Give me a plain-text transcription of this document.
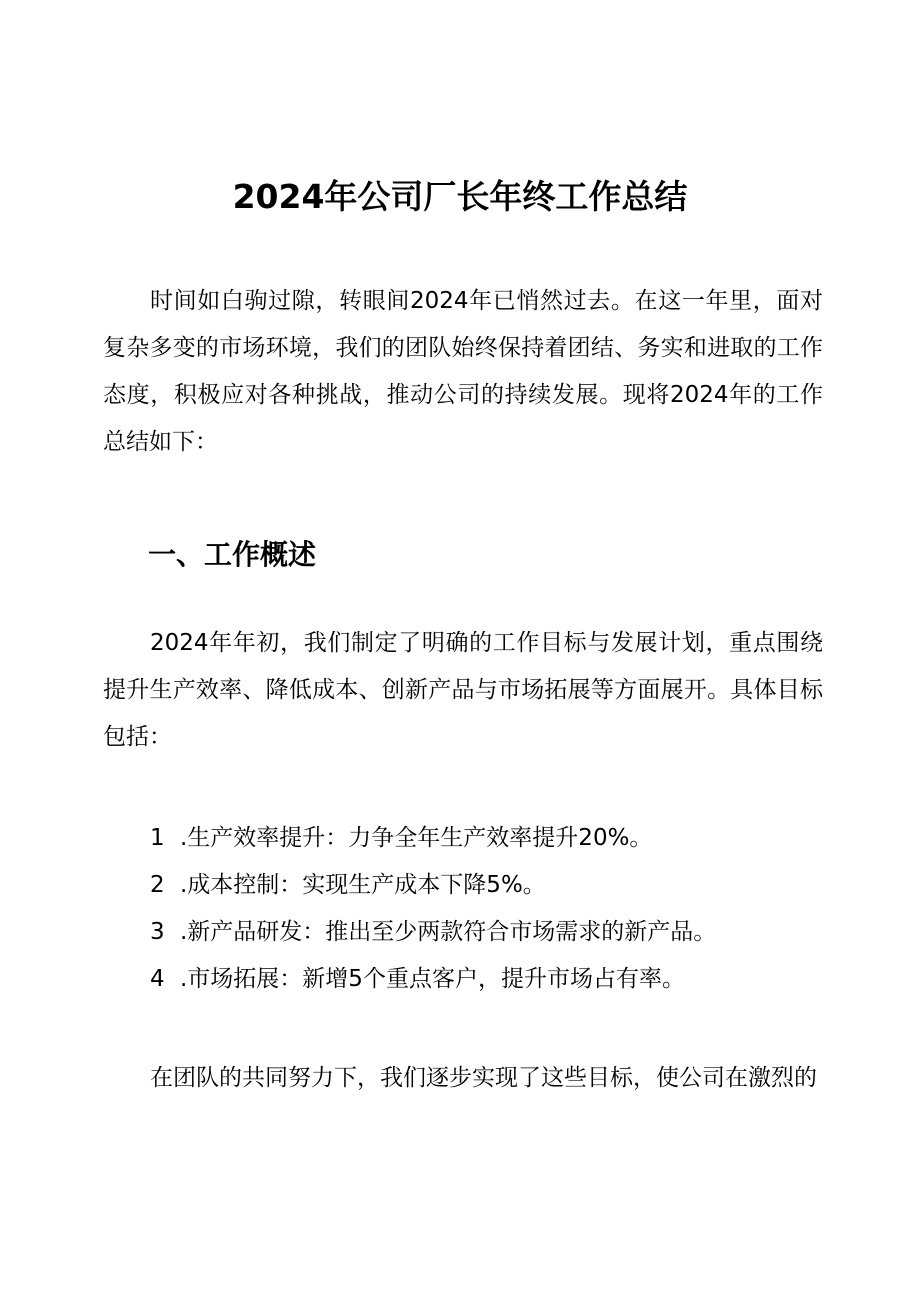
2024年公司厂长年终工作总结

时间如白驹过隙，转眼间2024年已悄然过去。在这一年里，面对复杂多变的市场环境，我们的团队始终保持着团结、务实和进取的工作态度，积极应对各种挑战，推动公司的持续发展。现将2024年的工作总结如下：

一、工作概述

2024年年初，我们制定了明确的工作目标与发展计划，重点围绕提升生产效率、降低成本、创新产品与市场拓展等方面展开。具体目标包括：

1 .生产效率提升：力争全年生产效率提升20%。
2 .成本控制：实现生产成本下降5%。
3 .新产品研发：推出至少两款符合市场需求的新产品。
4 .市场拓展：新增5个重点客户，提升市场占有率。

在团队的共同努力下，我们逐步实现了这些目标，使公司在激烈的
